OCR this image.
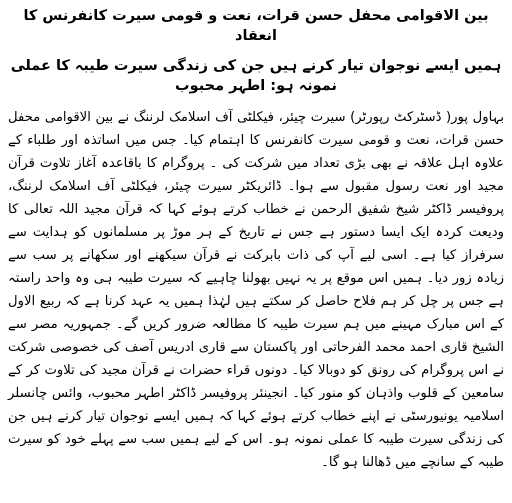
بین الاقوامی محفل حسن قرات، نعت و قومی سیرت کانفرنس کا انعقاد
ہمیں ایسے نوجوان تیار کرنے ہیں جن کی زندگی سیرت طیبہ کا عملی نمونہ ہو: اطہر محبوب

بہاول پور( ڈسٹرکٹ رپورٹر) سیرت چیئر، فیکلٹی آف اسلامک لرننگ نے بین الاقوامی محفل حسن قرات، نعت و قومی سیرت کانفرنس کا اہتمام کیا۔ جس میں اساتذہ اور طلباء کے علاوہ اہل علاقہ نے بھی بڑی تعداد میں شرکت کی ۔ پروگرام کا باقاعدہ آغاز تلاوت قرآن مجید اور نعت رسول مقبول سے ہوا۔ ڈائریکٹر سیرت چیئر، فیکلٹی آف اسلامک لرننگ، پروفیسر ڈاکٹر شیخ شفیق الرحمن نے خطاب کرتے ہوئے کہا کہ قرآن مجید اللہ تعالی کا ودیعت کردہ ایک ایسا دستور ہے جس نے تاریخ کے ہر موڑ پر مسلمانوں کو ہدایت سے سرفراز کیا ہے۔ اسی لیے آپ کی ذات بابرکت نے قرآن سیکھنے اور سکھانے پر سب سے زیادہ زور دیا۔ ہمیں اس موقع پر یہ نہیں بھولنا چاہیے کہ سیرت طیبہ ہی وہ واحد راستہ ہے جس پر چل کر ہم فلاح حاصل کر سکتے ہیں لہٰذا ہمیں یہ عہد کرنا ہے کہ ربیع الاول کے اس مبارک مہینے میں ہم سیرت طیبہ کا مطالعہ ضرور کریں گے۔ جمہوریہ مصر سے الشیخ قاری احمد محمد الفرحاتی اور پاکستان سے قاری ادریس آصف کی خصوصی شرکت نے اس پروگرام کی رونق کو دوبالا کیا۔ دونوں قراء حضرات نے قرآن مجید کی تلاوت کر کے سامعین کے قلوب واذہان کو منور کیا۔ انجینئر پروفیسر ڈاکٹر اطہر محبوب، وائس چانسلر اسلامیہ یونیورسٹی نے اپنے خطاب کرتے ہوئے کہا کہ ہمیں ایسے نوجوان تیار کرنے ہیں جن کی زندگی سیرت طیبہ کا عملی نمونہ ہو۔ اس کے لیے ہمیں سب سے پہلے خود کو سیرت طیبہ کے سانچے میں ڈھالنا ہو گا۔
